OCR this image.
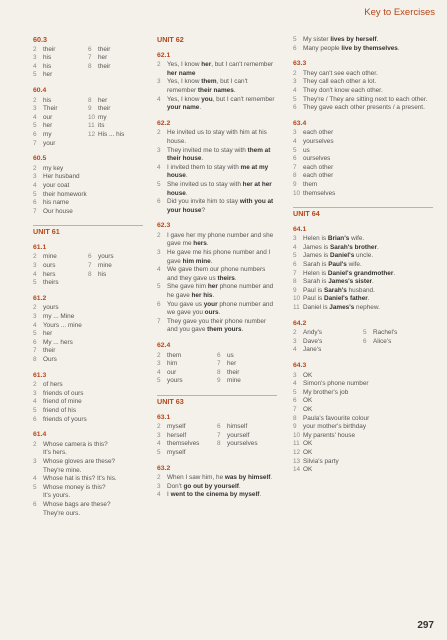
Key to Exercises
60.3
2	their	6	their
3	his	7	her
4	his	8	their
5	her
60.4
2	his	8	her
3	Their	9	their
4	our	10 my
5	her	11 its
6	my	12 His ... his
7	your
60.5
2	my key
3	Her husband
4	your coat
5	their homework
6	his name
7	Our house
UNIT 61
61.1
2	mine	6	yours
3	ours	7	mine
4	hers	8	his
5	theirs
61.2
2	yours
3	my ... Mine
4	Yours ... mine
5	her
6	My ... hers
7	their
8	Ours
61.3
2	of hers
3	friends of ours
4	friend of mine
5	friend of his
6	friends of yours
61.4
2	Whose camera is this?
It's hers.
3	Whose gloves are these?
They're mine.
4	Whose hat is this? It's his.
5	Whose money is this?
It's yours.
6	Whose bags are these?
They're ours.
UNIT 62
62.1
2	Yes, I know her, but I can't remember her name
3	Yes, I know them, but I can't remember their names.
4	Yes, I know you, but I can't remember your name.
62.2
2	He invited us to stay with him at his house.
3	They invited me to stay with them at their house.
4	I invited them to stay with me at my house.
5	She invited us to stay with her at her house.
6	Did you invite him to stay with you at your house?
62.3
2	I gave her my phone number and she gave me hers.
3	He gave me his phone number and I gave him mine.
4	We gave them our phone numbers and they gave us theirs.
5	She gave him her phone number and he gave her his.
6	You gave us your phone number and we gave you ours.
7	They gave you their phone number and you gave them yours.
62.4
2	them	6	us
3	him	7	her
4	our	8	their
5	yours	9	mine
UNIT 63
63.1
2	myself	6	himself
3	herself	7	yourself
4	themselves	8	yourselves
5	myself
63.2
2	When I saw him, he was by himself.
3	Don't go out by yourself.
4	I went to the cinema by myself.
5	My sister lives by herself.
6	Many people live by themselves.
63.3
2	They can't see each other.
3	They call each other a lot.
4	They don't know each other.
5	They're / They are sitting next to each other.
6	They gave each other presents / a present.
63.4
3	each other
4	yourselves
5	us
6	ourselves
7	each other
8	each other
9	them
10 themselves
UNIT 64
64.1
3	Helen is Brian's wife.
4	James is Sarah's brother.
5	James is Daniel's uncle.
6	Sarah is Paul's wife.
7	Helen is Daniel's grandmother.
8	Sarah is James's sister.
9	Paul is Sarah's husband.
10 Paul is Daniel's father.
11 Daniel is James's nephew.
64.2
2	Andy's	5	Rachel's
3	Dave's	6	Alice's
4	Jane's
64.3
3	OK
4	Simon's phone number
5	My brother's job
6	OK
7	OK
8	Paula's favourite colour
9	your mother's birthday
10 My parents' house
11 OK
12 OK
13 Silvia's party
14 OK
297
